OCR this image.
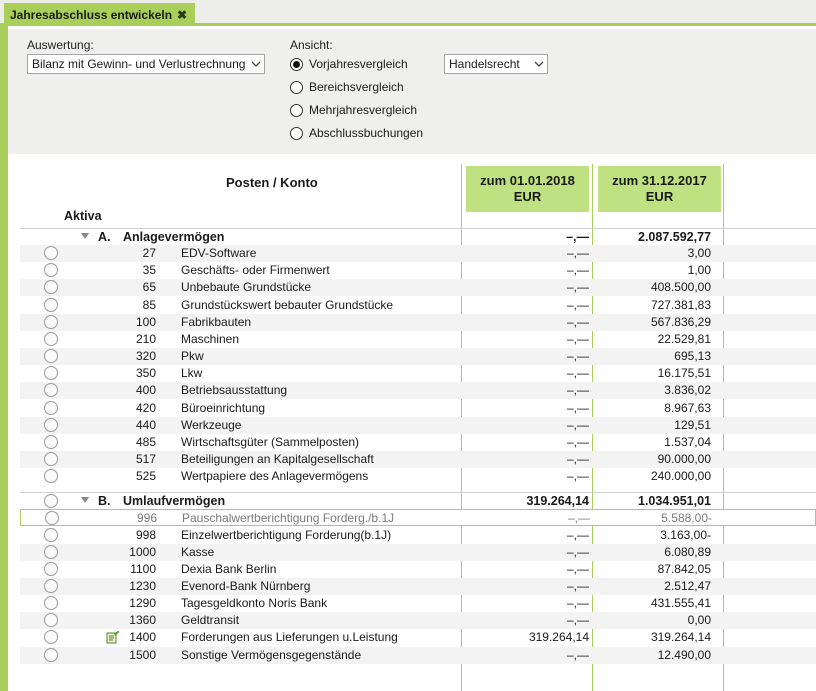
Jahresabschluss entwickeln ✖
Auswertung:
Bilanz mit Gewinn- und Verlustrechnung
Ansicht:
Vorjahresvergleich
Bereichsvergleich
Mehrjahresvergleich
Abschlussbuchungen
Handelsrecht
Posten / Konto
Aktiva
zum 01.01.2018
EUR
zum 31.12.2017
EUR
A. Anlagevermögen	–,—	2.087.592,77
27 EDV-Software	–,—	3,00
35 Geschäfts- oder Firmenwert	–,—	1,00
65 Unbebaute Grundstücke	–,—	408.500,00
85 Grundstückswert bebauter Grundstücke	–,—	727.381,83
100 Fabrikbauten	–,—	567.836,29
210 Maschinen	–,—	22.529,81
320 Pkw	–,—	695,13
350 Lkw	–,—	16.175,51
400 Betriebsausstattung	–,—	3.836,02
420 Büroeinrichtung	–,—	8.967,63
440 Werkzeuge	–,—	129,51
485 Wirtschaftsgüter (Sammelposten)	–,—	1.537,04
517 Beteiligungen an Kapitalgesellschaft	–,—	90.000,00
525 Wertpapiere des Anlagevermögens	–,—	240.000,00
B. Umlaufvermögen	319.264,14	1.034.951,01
996 Pauschalwertberichtigung Forderg./b.1J	–,—	5.588,00-
998 Einzelwertberichtigung Forderung(b.1J)	–,—	3.163,00-
1000 Kasse	–,—	6.080,89
1100 Dexia Bank Berlin	–,—	87.842,05
1230 Evenord-Bank Nürnberg	–,—	2.512,47
1290 Tagesgeldkonto Noris Bank	–,—	431.555,41
1360 Geldtransit	–,—	0,00
1400 Forderungen aus Lieferungen u.Leistung	319.264,14	319.264,14
1500 Sonstige Vermögensgegenstände	–,—	12.490,00
